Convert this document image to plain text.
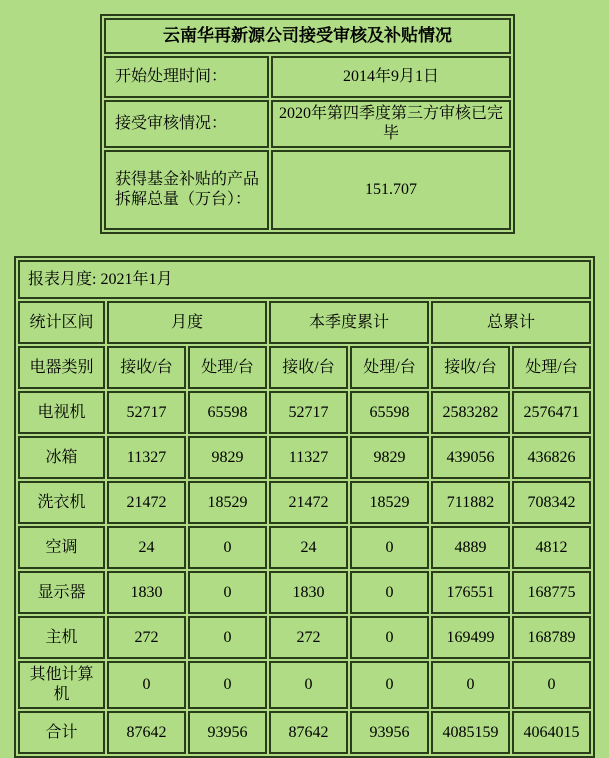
云南华再新源公司接受审核及补贴情况	
开始处理时间：	2014年9月1日
接受审核情况：	2020年第四季度第三方审核已完毕
获得基金补贴的产品拆解总量（万台）：	151.707
报表月度: 2021年1月						
统计区间	月度		本季度累计		总累计	
电器类别	接收/台	处理/台	接收/台	处理/台	接收/台	处理/台
电视机	52717	65598	52717	65598	2583282	2576471
冰箱	11327	9829	11327	9829	439056	436826
洗衣机	21472	18529	21472	18529	711882	708342
空调	24	0	24	0	4889	4812
显示器	1830	0	1830	0	176551	168775
主机	272	0	272	0	169499	168789
其他计算机	0	0	0	0	0	0
合计	87642	93956	87642	93956	4085159	4064015
